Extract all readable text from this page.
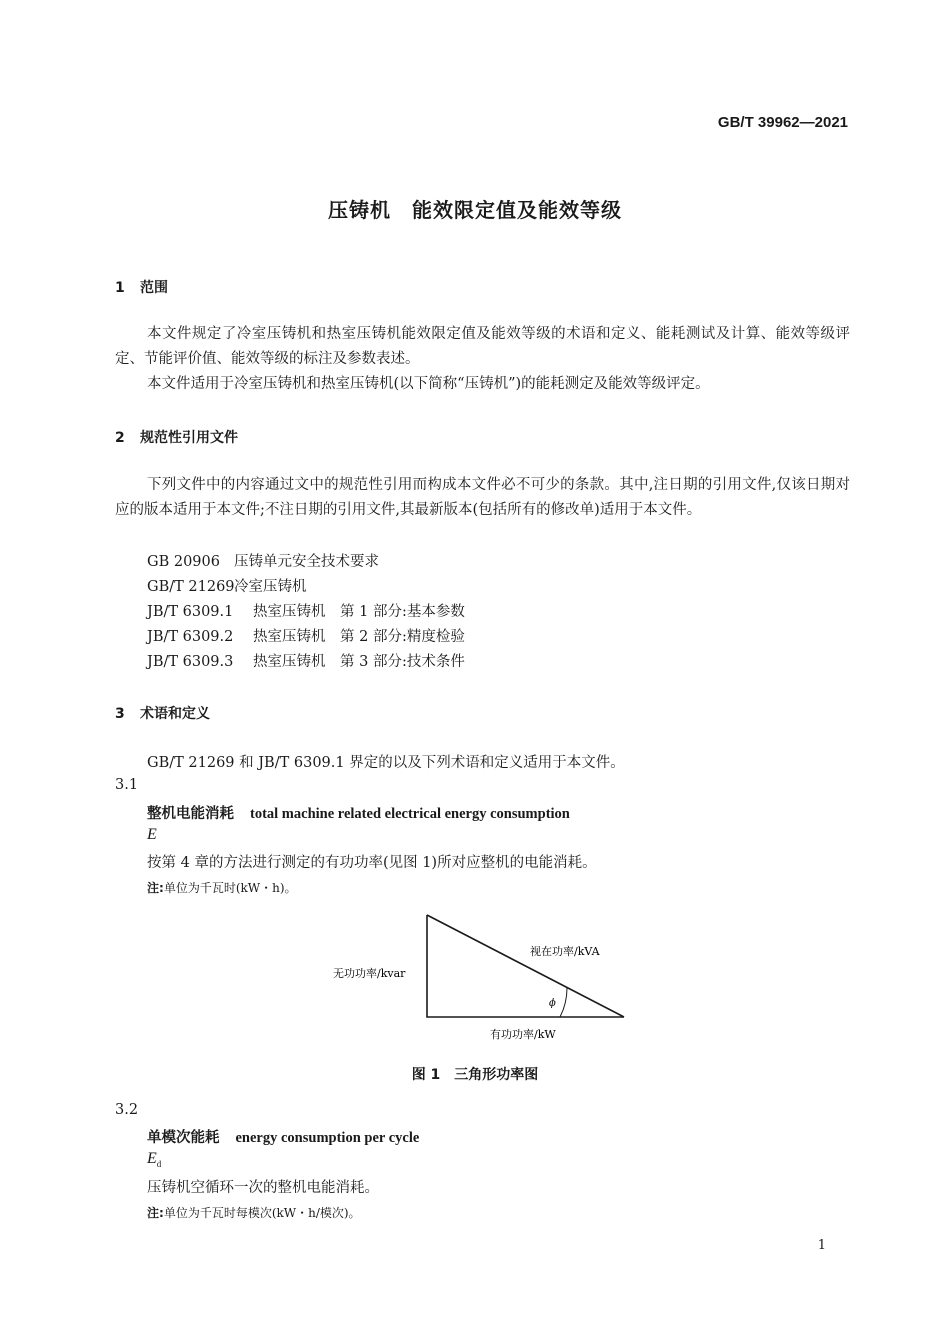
GB/T 39962—2021
压铸机　能效限定值及能效等级
1 范围
本文件规定了冷室压铸机和热室压铸机能效限定值及能效等级的术语和定义、能耗测试及计算、能效等级评定、节能评价值、能效等级的标注及参数表述。
本文件适用于冷室压铸机和热室压铸机(以下简称“压铸机”)的能耗测定及能效等级评定。
2 规范性引用文件
下列文件中的内容通过文中的规范性引用而构成本文件必不可少的条款。其中,注日期的引用文件,仅该日期对应的版本适用于本文件;不注日期的引用文件,其最新版本(包括所有的修改单)适用于本文件。
GB 20906 压铸单元安全技术要求
GB/T 21269冷室压铸机
JB/T 6309.1 热室压铸机　第 1 部分:基本参数
JB/T 6309.2 热室压铸机　第 2 部分:精度检验
JB/T 6309.3 热室压铸机　第 3 部分:技术条件
3 术语和定义
GB/T 21269 和 JB/T 6309.1 界定的以及下列术语和定义适用于本文件。
3.1
整机电能消耗 total machine related electrical energy consumption
E
按第 4 章的方法进行测定的有功功率(见图 1)所对应整机的电能消耗。
注:单位为千瓦时(kW・h)。
无功功率/kvar
视在功率/kVA
有功功率/kW
ϕ
图 1　三角形功率图
3.2
单模次能耗 energy consumption per cycle
$E_d$
压铸机空循环一次的整机电能消耗。
注:单位为千瓦时每模次(kW・h/模次)。
1
